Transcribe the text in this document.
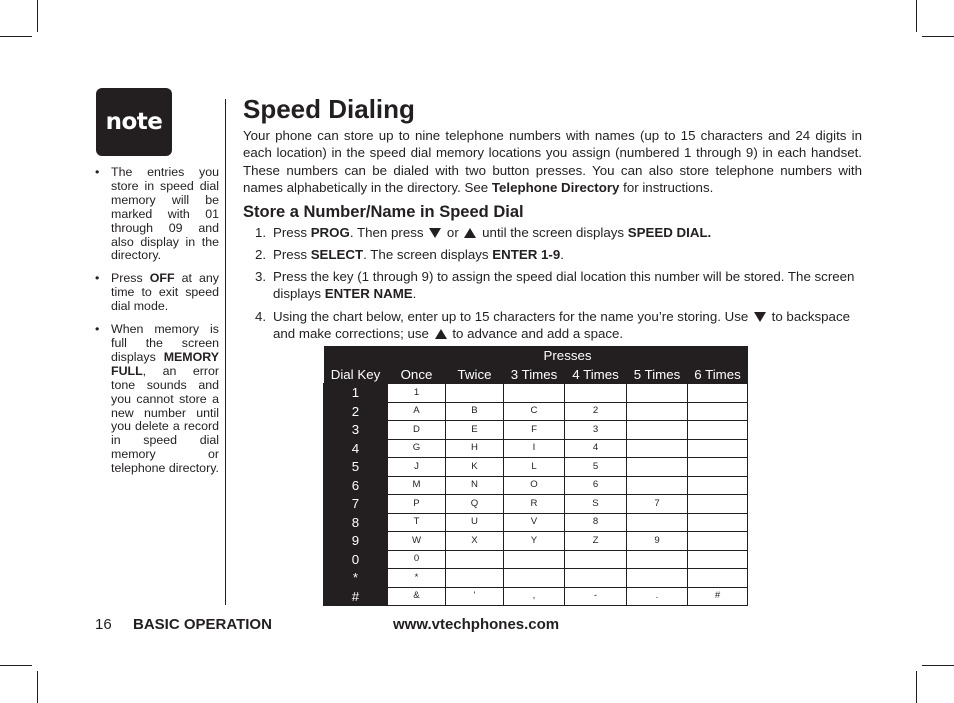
note
• The entries you store in speed dial memory will be marked with 01 through 09 and also display in the directory.
• Press OFF at any time to exit speed dial mode.
• When memory is full the screen displays MEMORY FULL, an error tone sounds and you cannot store a new number until you delete a record in speed dial memory or telephone directory.
Speed Dialing

Your phone can store up to nine telephone numbers with names (up to 15 characters and 24 digits in each location) in the speed dial memory locations you assign (numbered 1 through 9) in each handset. These numbers can be dialed with two button presses. You can also store telephone numbers with names alphabetically in the directory. See Telephone Directory for instructions.

Store a Number/Name in Speed Dial
1. Press PROG. Then press  or  until the screen displays SPEED DIAL.
2. Press SELECT. The screen displays ENTER 1-9.
3. Press the key (1 through 9) to assign the speed dial location this number will be stored. The screen displays ENTER NAME.
4. Using the chart below, enter up to 15 characters for the name you’re storing. Use  to backspace and make corrections; use  to advance and add a space.
	Presses					
Dial Key	Once	Twice	3 Times	4 Times	5 Times	6 Times
1	1					
2	A	B	C	2		
3	D	E	F	3		
4	G	H	I	4		
5	J	K	L	5		
6	M	N	O	6		
7	P	Q	R	S	7	
8	T	U	V	8		
9	W	X	Y	Z	9	
0	0					
*	*					
#	&	'	,	-	.	#
16 BASIC OPERATION	www.vtechphones.com
